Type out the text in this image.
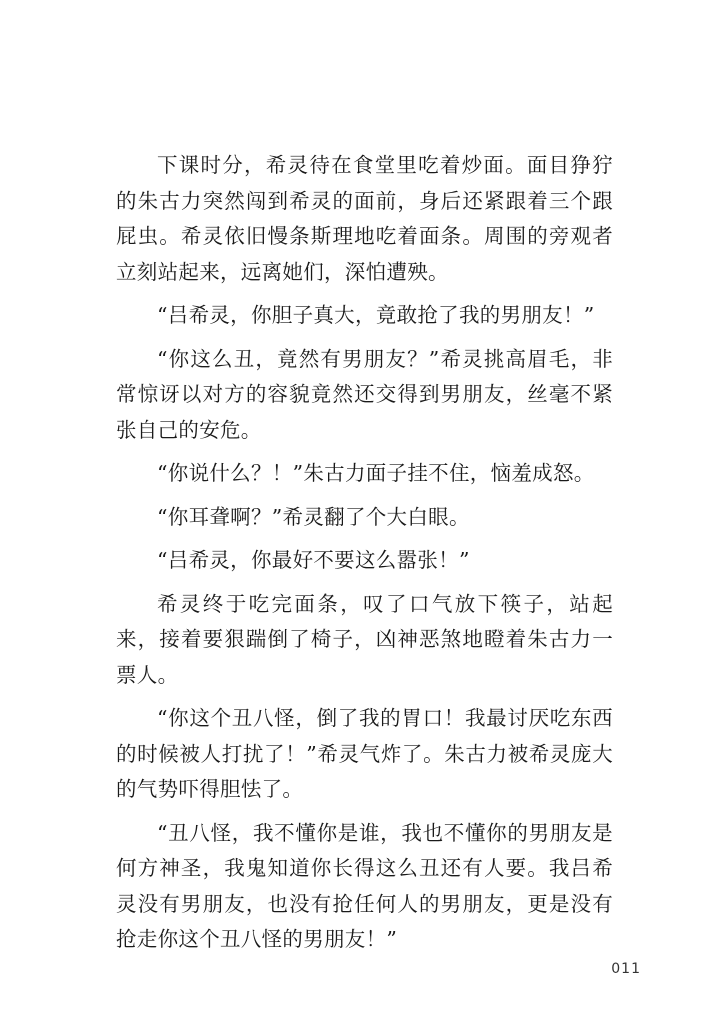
下课时分，希灵待在食堂里吃着炒面。面目狰狞的朱古力突然闯到希灵的面前，身后还紧跟着三个跟屁虫。希灵依旧慢条斯理地吃着面条。周围的旁观者立刻站起来，远离她们，深怕遭殃。

“吕希灵，你胆子真大，竟敢抢了我的男朋友！”

“你这么丑，竟然有男朋友？”希灵挑高眉毛，非常惊讶以对方的容貌竟然还交得到男朋友，丝毫不紧张自己的安危。

“你说什么？！”朱古力面子挂不住，恼羞成怒。

“你耳聋啊？”希灵翻了个大白眼。

“吕希灵，你最好不要这么嚣张！”

希灵终于吃完面条，叹了口气放下筷子，站起来，接着要狠踹倒了椅子，凶神恶煞地瞪着朱古力一票人。

“你这个丑八怪，倒了我的胃口！我最讨厌吃东西的时候被人打扰了！”希灵气炸了。朱古力被希灵庞大的气势吓得胆怯了。

“丑八怪，我不懂你是谁，我也不懂你的男朋友是何方神圣，我鬼知道你长得这么丑还有人要。我吕希灵没有男朋友，也没有抢任何人的男朋友，更是没有抢走你这个丑八怪的男朋友！”

011
